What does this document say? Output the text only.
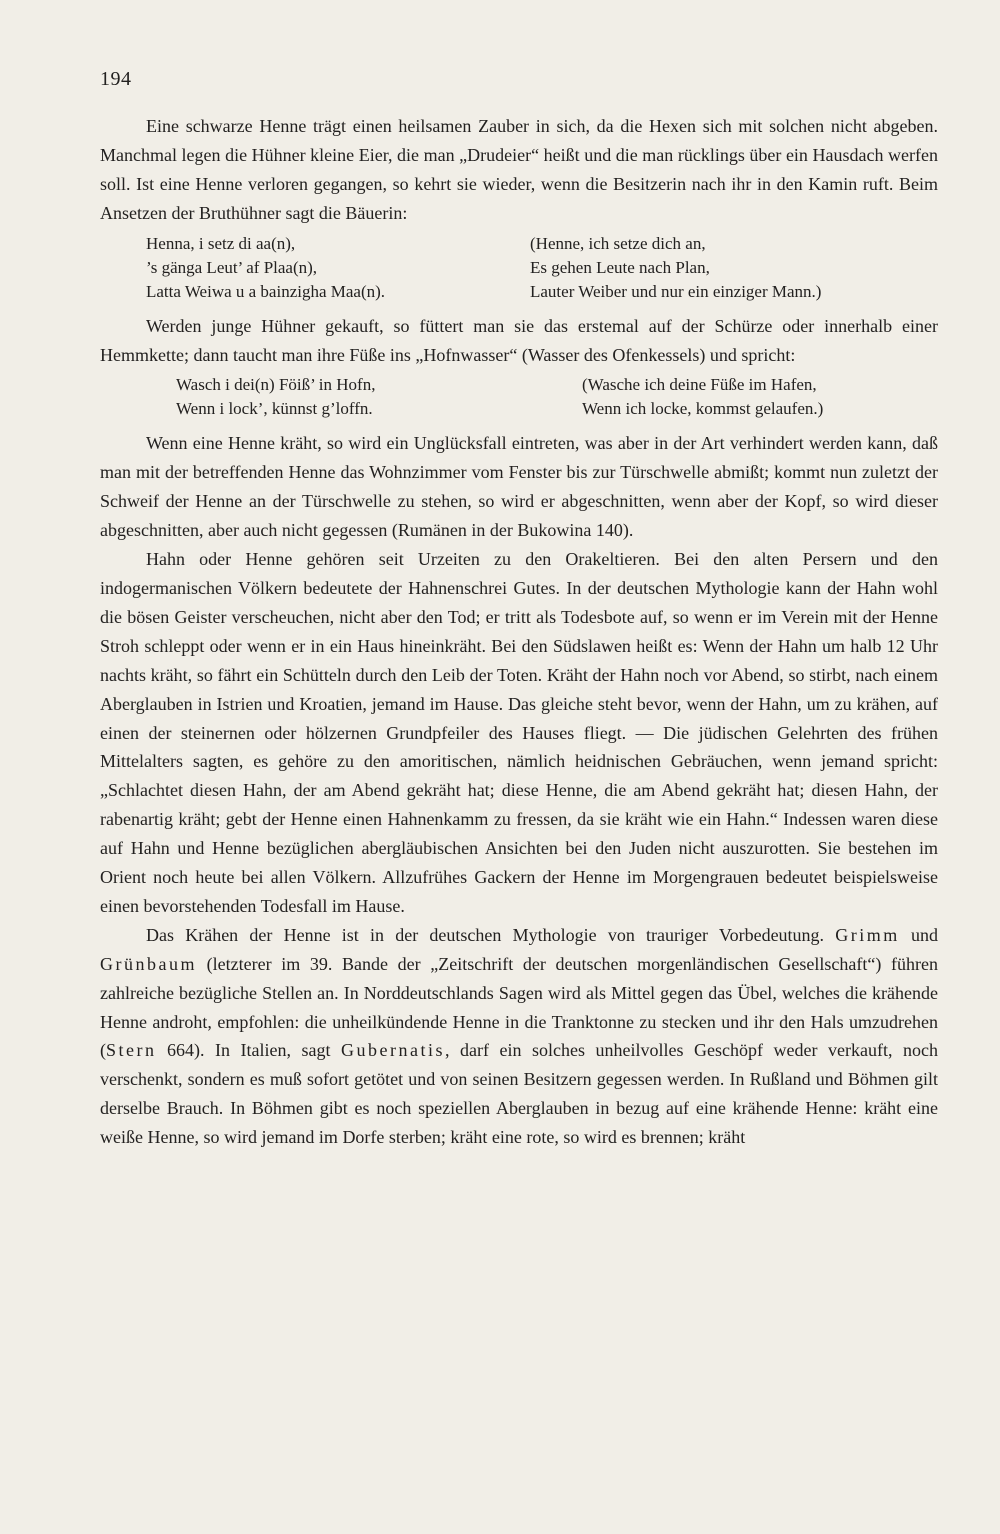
194

Eine schwarze Henne trägt einen heilsamen Zauber in sich, da die Hexen sich mit solchen nicht abgeben. Manchmal legen die Hühner kleine Eier, die man „Drudeier“ heißt und die man rücklings über ein Hausdach werfen soll. Ist eine Henne verloren gegangen, so kehrt sie wieder, wenn die Besitzerin nach ihr in den Kamin ruft. Beim Ansetzen der Bruthühner sagt die Bäuerin:

Henna, i setz di aa(n),
’s gänga Leut’ af Plaa(n),
Latta Weiwa u a bainzigha Maa(n).
(Henne, ich setze dich an,
Es gehen Leute nach Plan,
Lauter Weiber und nur ein einziger Mann.)

Werden junge Hühner gekauft, so füttert man sie das erstemal auf der Schürze oder innerhalb einer Hemmkette; dann taucht man ihre Füße ins „Hofnwasser“ (Wasser des Ofenkessels) und spricht:

Wasch i dei(n) Föiß’ in Hofn,
Wenn i lock’, künnst g’loffn.
(Wasche ich deine Füße im Hafen,
Wenn ich locke, kommst gelaufen.)

Wenn eine Henne kräht, so wird ein Unglücksfall eintreten, was aber in der Art verhindert werden kann, daß man mit der betreffenden Henne das Wohnzimmer vom Fenster bis zur Türschwelle abmißt; kommt nun zuletzt der Schweif der Henne an der Türschwelle zu stehen, so wird er abgeschnitten, wenn aber der Kopf, so wird dieser abgeschnitten, aber auch nicht gegessen (Rumänen in der Bukowina 140).

Hahn oder Henne gehören seit Urzeiten zu den Orakeltieren. Bei den alten Persern und den indogermanischen Völkern bedeutete der Hahnenschrei Gutes. In der deutschen Mythologie kann der Hahn wohl die bösen Geister verscheuchen, nicht aber den Tod; er tritt als Todesbote auf, so wenn er im Verein mit der Henne Stroh schleppt oder wenn er in ein Haus hineinkräht. Bei den Südslawen heißt es: Wenn der Hahn um halb 12 Uhr nachts kräht, so fährt ein Schütteln durch den Leib der Toten. Kräht der Hahn noch vor Abend, so stirbt, nach einem Aberglauben in Istrien und Kroatien, jemand im Hause. Das gleiche steht bevor, wenn der Hahn, um zu krähen, auf einen der steinernen oder hölzernen Grundpfeiler des Hauses fliegt. — Die jüdischen Gelehrten des frühen Mittelalters sagten, es gehöre zu den amoritischen, nämlich heidnischen Gebräuchen, wenn jemand spricht: „Schlachtet diesen Hahn, der am Abend gekräht hat; diese Henne, die am Abend gekräht hat; diesen Hahn, der rabenartig kräht; gebt der Henne einen Hahnenkamm zu fressen, da sie kräht wie ein Hahn.“ Indessen waren diese auf Hahn und Henne bezüglichen abergläubischen Ansichten bei den Juden nicht auszurotten. Sie bestehen im Orient noch heute bei allen Völkern. Allzufrühes Gackern der Henne im Morgengrauen bedeutet beispielsweise einen bevorstehenden Todesfall im Hause.

Das Krähen der Henne ist in der deutschen Mythologie von trauriger Vorbedeutung. Grimm und Grünbaum (letzterer im 39. Bande der „Zeitschrift der deutschen morgenländischen Gesellschaft“) führen zahlreiche bezügliche Stellen an. In Norddeutschlands Sagen wird als Mittel gegen das Übel, welches die krähende Henne androht, empfohlen: die unheilkündende Henne in die Tranktonne zu stecken und ihr den Hals umzudrehen (Stern 664). In Italien, sagt Gubernatis, darf ein solches unheilvolles Geschöpf weder verkauft, noch verschenkt, sondern es muß sofort getötet und von seinen Besitzern gegessen werden. In Rußland und Böhmen gilt derselbe Brauch. In Böhmen gibt es noch speziellen Aberglauben in bezug auf eine krähende Henne: kräht eine weiße Henne, so wird jemand im Dorfe sterben; kräht eine rote, so wird es brennen; kräht
